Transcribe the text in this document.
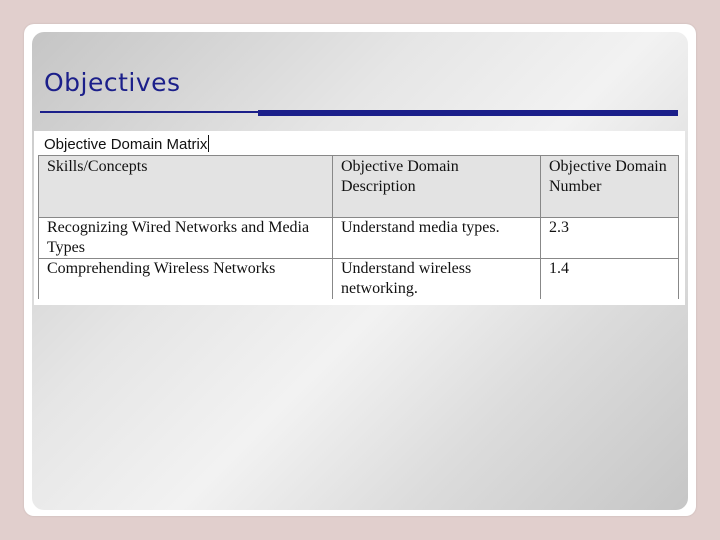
Objectives
Objective Domain Matrix
Skills/Concepts	Objective Domain Description	Objective Domain Number
Recognizing Wired Networks and Media Types	Understand media types.	2.3
Comprehending Wireless Networks	Understand wireless networking.	1.4
